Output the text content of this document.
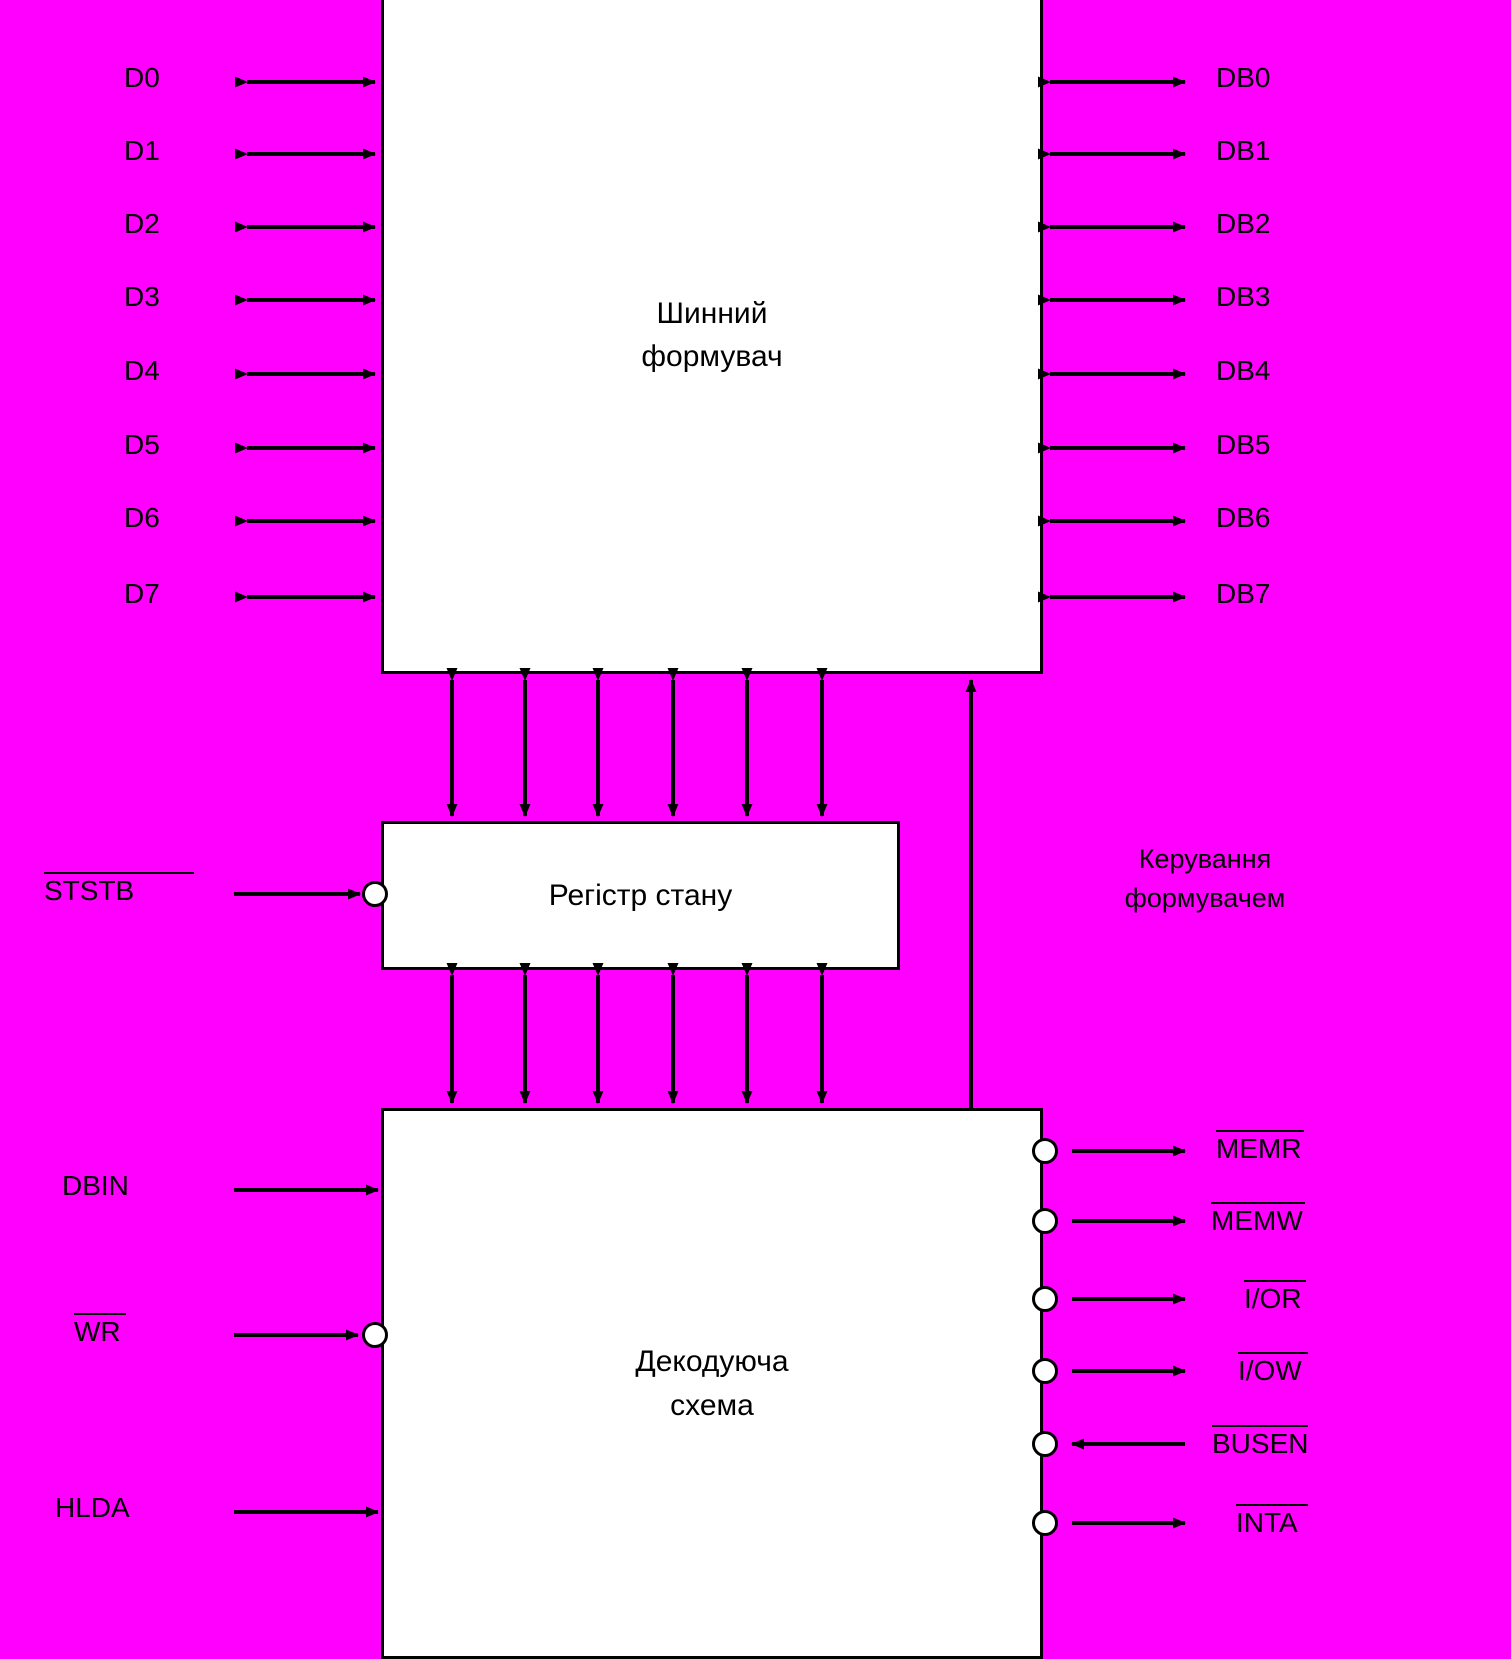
Шинний
формувач
Регістр стану
Декодуюча
схема
D0
D1
D2
D3
D4
D5
D6
D7
DB0
DB1
DB2
DB3
DB4
DB5
DB6
DB7
STSTB
DBIN
WR
HLDA
MEMR
MEMW
I/OR
I/OW
BUSEN
INTA
Керування
формувачем
